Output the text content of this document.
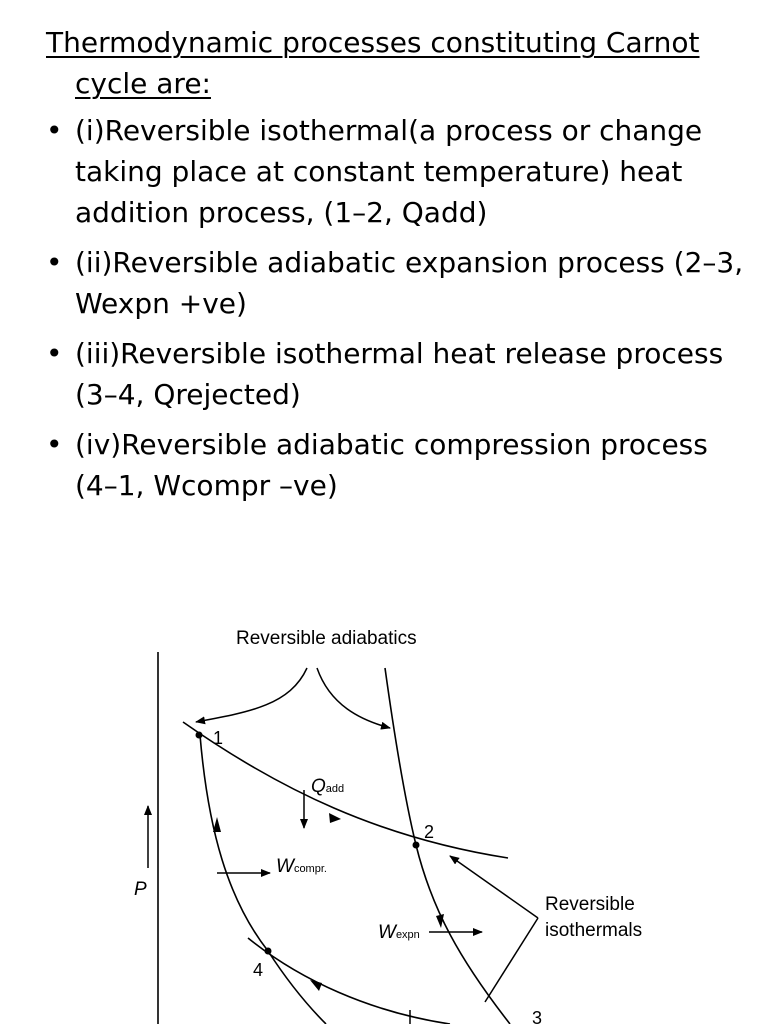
Thermodynamic processes constituting Carnot cycle are:

• (i)Reversible isothermal(a process or change taking place at constant temperature) heat addition process, (1–2, Qadd)
• (ii)Reversible adiabatic expansion process (2–3, Wexpn +ve)
• (iii)Reversible isothermal heat release process (3–4, Qrejected)
• (iv)Reversible adiabatic compression process (4–1, Wcompr –ve)
Reversible adiabatics
P
1
2
3
4
Qadd
Wcompr.
Wexpn
Reversible
isothermals
